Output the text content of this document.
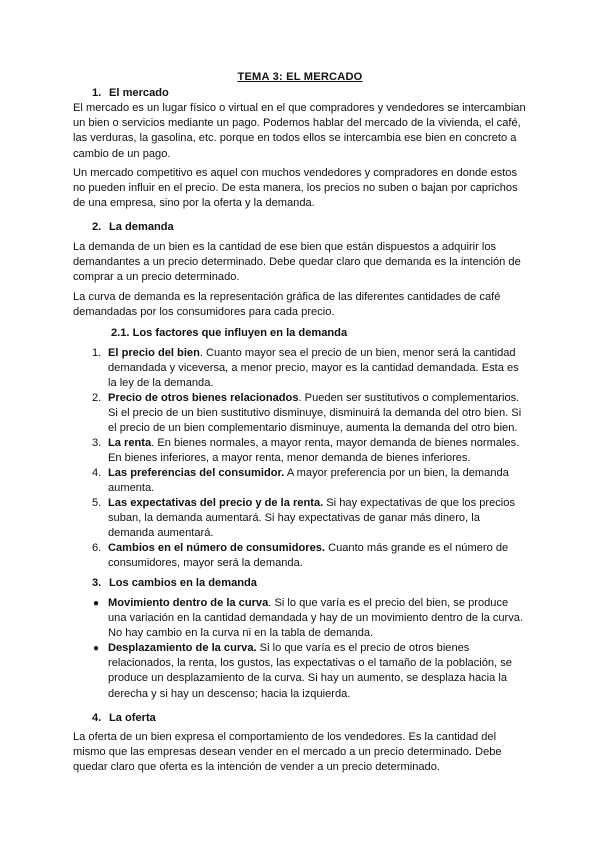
TEMA 3: EL MERCADO
1. El mercado

El mercado es un lugar físico o virtual en el que compradores y vendedores se intercambian un bien o servicios mediante un pago. Podemos hablar del mercado de la vivienda, el café, las verduras, la gasolina, etc. porque en todos ellos se intercambia ese bien en concreto a cambio de un pago.

Un mercado competitivo es aquel con muchos vendedores y compradores en donde estos no pueden influir en el precio. De esta manera, los precios no suben o bajan por caprichos de una empresa, sino por la oferta y la demanda.

2. La demanda

La demanda de un bien es la cantidad de ese bien que están dispuestos a adquirir los demandantes a un precio determinado. Debe quedar claro que demanda es la intención de comprar a un precio determinado.

La curva de demanda es la representación gráfica de las diferentes cantidades de café demandadas por los consumidores para cada precio.

2.1. Los factores que influyen en la demanda
1. El precio del bien. Cuanto mayor sea el precio de un bien, menor será la cantidad demandada y viceversa, a menor precio, mayor es la cantidad demandada. Esta es la ley de la demanda.
2. Precio de otros bienes relacionados. Pueden ser sustitutivos o complementarios. Si el precio de un bien sustitutivo disminuye, disminuirá la demanda del otro bien. Si el precio de un bien complementario disminuye, aumenta la demanda del otro bien.
3. La renta. En bienes normales, a mayor renta, mayor demanda de bienes normales. En bienes inferiores, a mayor renta, menor demanda de bienes inferiores.
4. Las preferencias del consumidor. A mayor preferencia por un bien, la demanda aumenta.
5. Las expectativas del precio y de la renta. Si hay expectativas de que los precios suban, la demanda aumentará. Si hay expectativas de ganar más dinero, la demanda aumentará.
6. Cambios en el número de consumidores. Cuanto más grande es el número de consumidores, mayor será la demanda.
3. Los cambios en la demanda
● Movimiento dentro de la curva. Si lo que varía es el precio del bien, se produce una variación en la cantidad demandada y hay de un movimiento dentro de la curva. No hay cambio en la curva ni en la tabla de demanda.
● Desplazamiento de la curva. Si lo que varía es el precio de otros bienes relacionados, la renta, los gustos, las expectativas o el tamaño de la población, se produce un desplazamiento de la curva. Si hay un aumento, se desplaza hacia la derecha y si hay un descenso; hacia la izquierda.
4. La oferta

La oferta de un bien expresa el comportamiento de los vendedores. Es la cantidad del mismo que las empresas desean vender en el mercado a un precio determinado. Debe quedar claro que oferta es la intención de vender a un precio determinado.
